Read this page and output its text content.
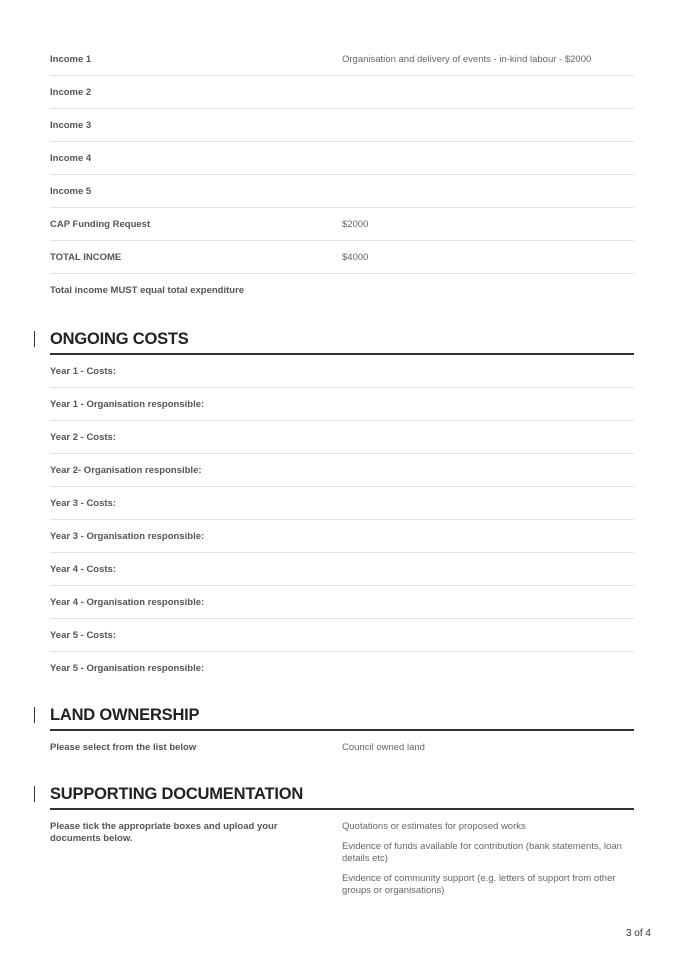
Income 1	Organisation and delivery of events - in-kind labour - $2000
Income 2
Income 3
Income 4
Income 5
CAP Funding Request	$2000
TOTAL INCOME	$4000
Total income MUST equal total expenditure
ONGOING COSTS
Year 1 - Costs:
Year 1 - Organisation responsible:
Year 2 - Costs:
Year 2- Organisation responsible:
Year 3 - Costs:
Year 3 - Organisation responsible:
Year 4 - Costs:
Year 4 - Organisation responsible:
Year 5 - Costs:
Year 5 - Organisation responsible:
LAND OWNERSHIP
Please select from the list below	Council owned land
SUPPORTING DOCUMENTATION
Please tick the appropriate boxes and upload your documents below.
Quotations or estimates for proposed works
Evidence of funds available for contribution (bank statements, loan details etc)
Evidence of community support (e.g. letters of support from other groups or organisations)
3 of 4
